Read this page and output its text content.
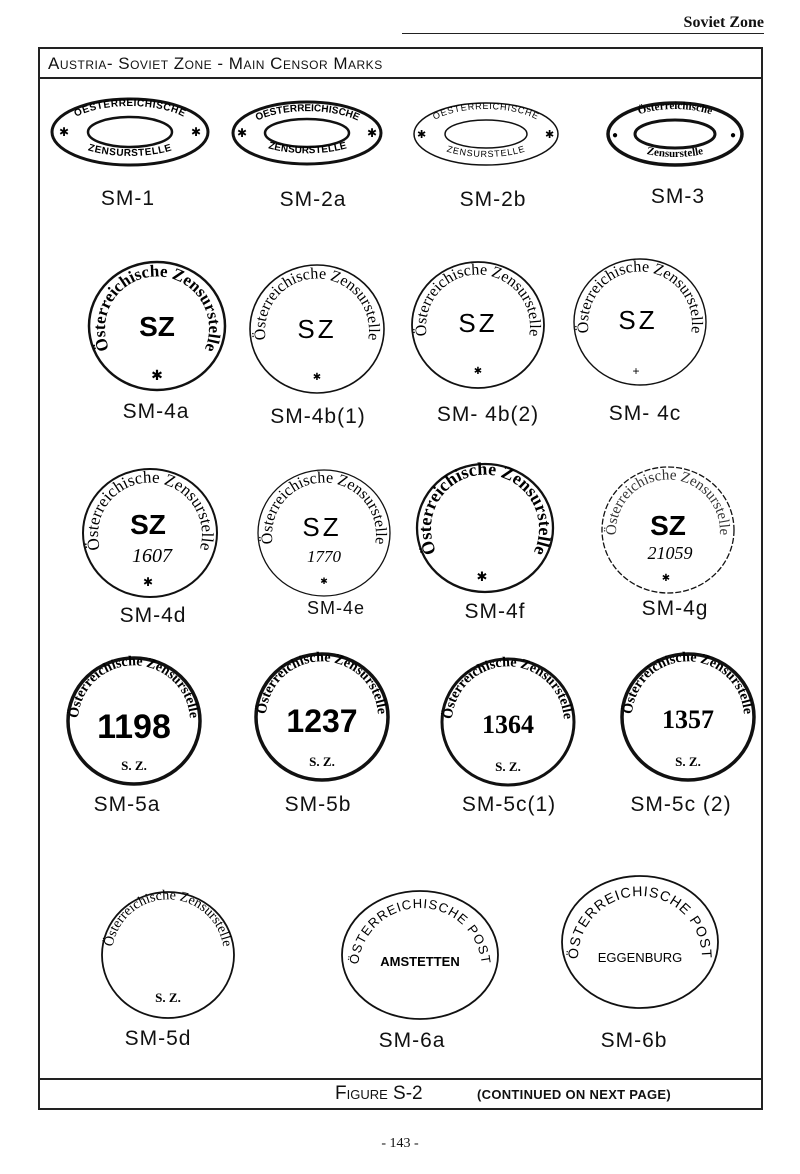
Soviet Zone
Austria- Soviet Zone - Main Censor Marks
Figure S-2	(CONTINUED ON NEXT PAGE)
OESTERREICHISCHE
ZENSURSTELLE
✱	✱
SM-1
OESTERREICHISCHE
ZENSURSTELLE
✱	✱
SM-2a
OESTERREICHISCHE
ZENSURSTELLE
✱	✱
SM-2b
Österreichische
Zensurstelle
●	●
SM-3
Österreichische Zensurstelle
SZ
✱
SM-4a
Österreichische Zensurstelle
SZ
✱
SM-4b(1)
Österreichische Zensurstelle
SZ
✱
SM- 4b(2)
Österreichische Zensurstelle
SZ
+
SM- 4c
Österreichische Zensurstelle
SZ
1607
✱
SM-4d
Österreichische Zensurstelle
SZ
1770
✱
SM-4e
Österreichische Zensurstelle
✱
SM-4f
Österreichische Zensurstelle
SZ
21059
✱
SM-4g
Österreichische Zensurstelle
1198
S. Z.
SM-5a
Österreichische Zensurstelle
1237
S. Z.
SM-5b
Österreichische Zensurstelle
1364
S. Z.
SM-5c(1)
Österreichische Zensurstelle
1357
S. Z.
SM-5c (2)
Österreichische Zensurstelle
S. Z.
SM-5d
ÖSTERREICHISCHE POST
AMSTETTEN
SM-6a
ÖSTERREICHISCHE POST
EGGENBURG
SM-6b
- 143 -
